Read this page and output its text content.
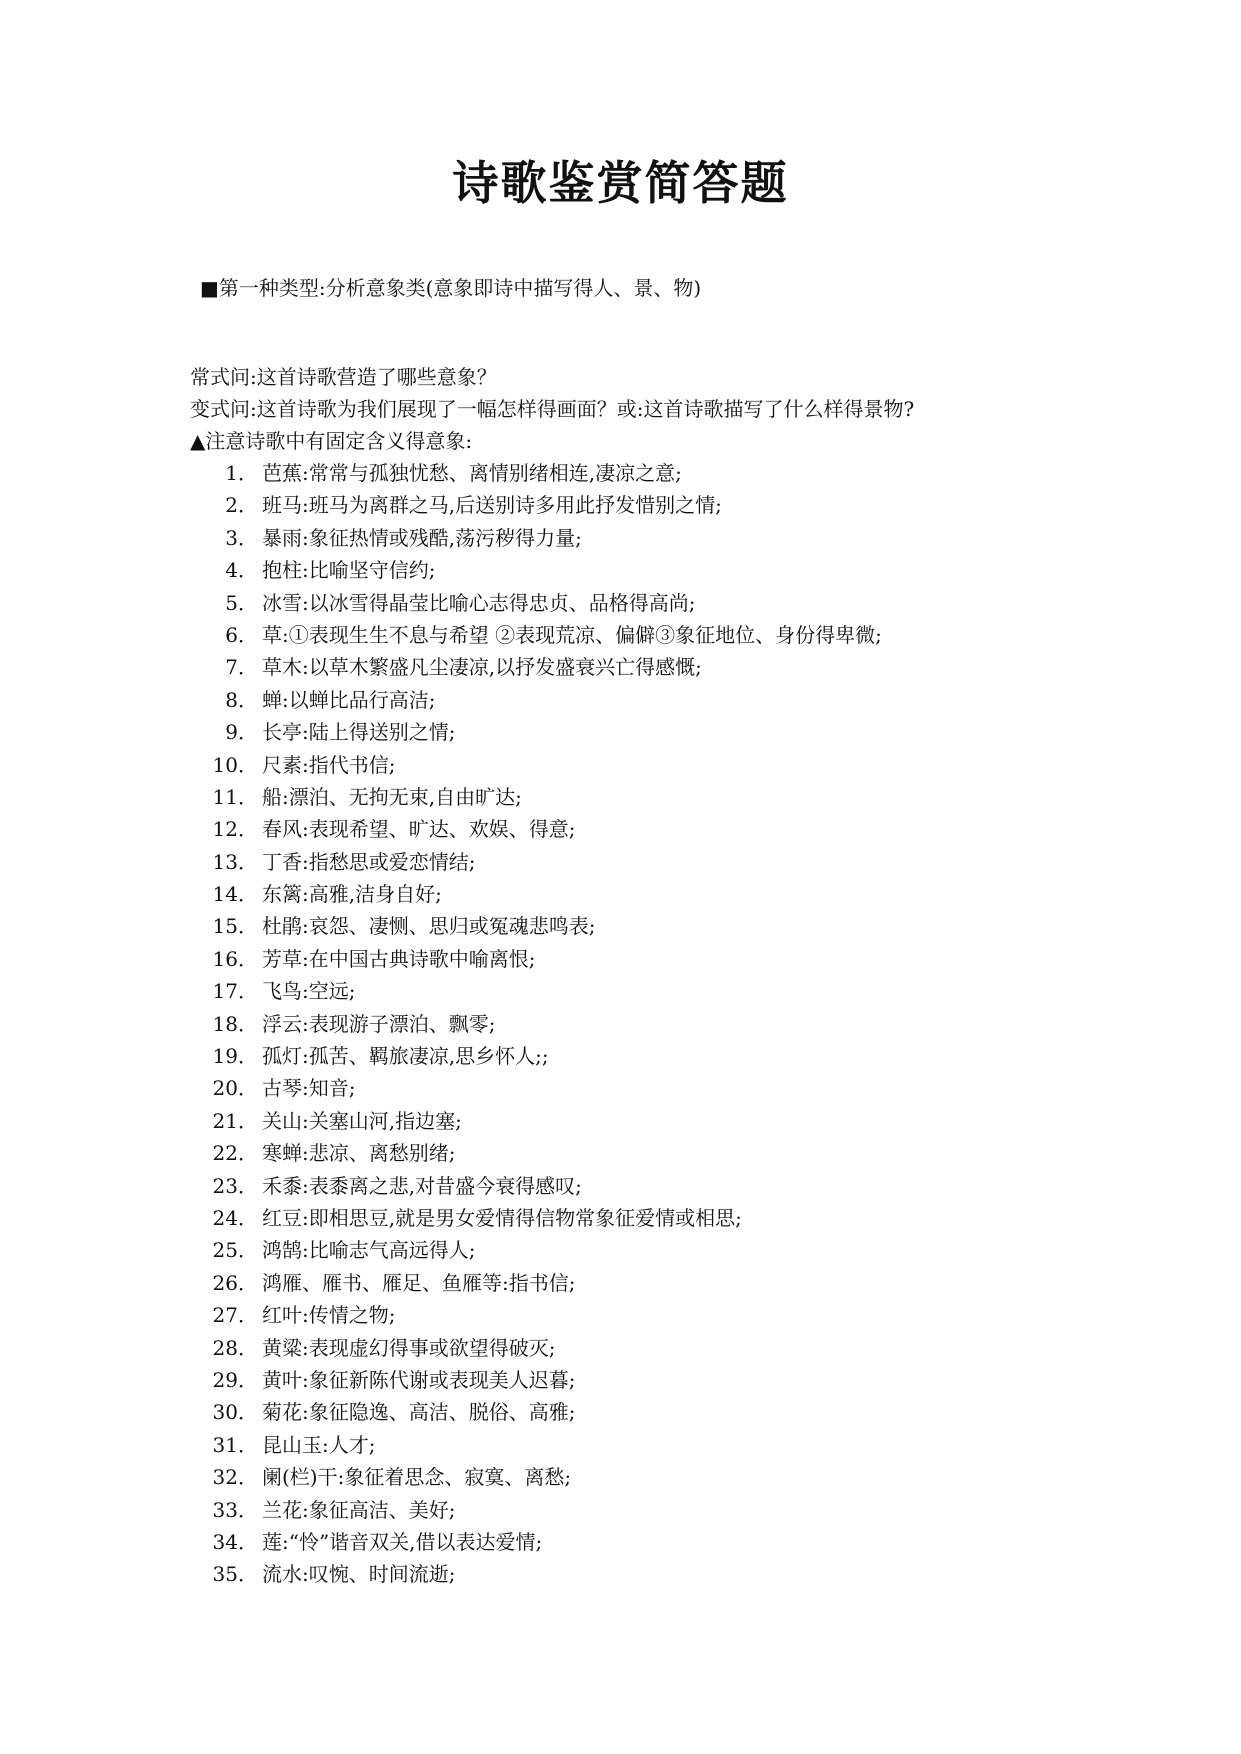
诗歌鉴赏简答题
■第一种类型:分析意象类(意象即诗中描写得人、景、物)
常式问:这首诗歌营造了哪些意象？
变式问:这首诗歌为我们展现了一幅怎样得画面？或:这首诗歌描写了什么样得景物?
▲注意诗歌中有固定含义得意象:
1． 芭蕉:常常与孤独忧愁、离情别绪相连,凄凉之意;
2． 班马:班马为离群之马,后送别诗多用此抒发惜别之情;
3． 暴雨:象征热情或残酷,荡污秽得力量;
4． 抱柱:比喻坚守信约;
5． 冰雪:以冰雪得晶莹比喻心志得忠贞、品格得高尚;
6． 草:①表现生生不息与希望 ②表现荒凉、偏僻③象征地位、身份得卑微;
7． 草木:以草木繁盛凡尘凄凉,以抒发盛衰兴亡得感慨;
8． 蝉:以蝉比品行高洁;
9． 长亭:陆上得送别之情;
10． 尺素:指代书信;
11． 船:漂泊、无拘无束,自由旷达;
12． 春风:表现希望、旷达、欢娱、得意;
13． 丁香:指愁思或爱恋情结;
14． 东篱:高雅,洁身自好;
15． 杜鹃:哀怨、凄恻、思归或冤魂悲鸣表;
16． 芳草:在中国古典诗歌中喻离恨;
17． 飞鸟:空远;
18． 浮云:表现游子漂泊、飘零;
19． 孤灯:孤苦、羁旅凄凉,思乡怀人;;
20． 古琴:知音;
21． 关山:关塞山河,指边塞;
22． 寒蝉:悲凉、离愁别绪;
23． 禾黍:表黍离之悲,对昔盛今衰得感叹;
24． 红豆:即相思豆,就是男女爱情得信物常象征爱情或相思;
25． 鸿鹄:比喻志气高远得人;
26． 鸿雁、雁书、雁足、鱼雁等:指书信;
27． 红叶:传情之物;
28． 黄粱:表现虚幻得事或欲望得破灭;
29． 黄叶:象征新陈代谢或表现美人迟暮;
30． 菊花:象征隐逸、高洁、脱俗、高雅;
31． 昆山玉:人才;
32． 阑(栏)干:象征着思念、寂寞、离愁;
33． 兰花:象征高洁、美好;
34． 莲:“怜”谐音双关,借以表达爱情;
35． 流水:叹惋、时间流逝;
